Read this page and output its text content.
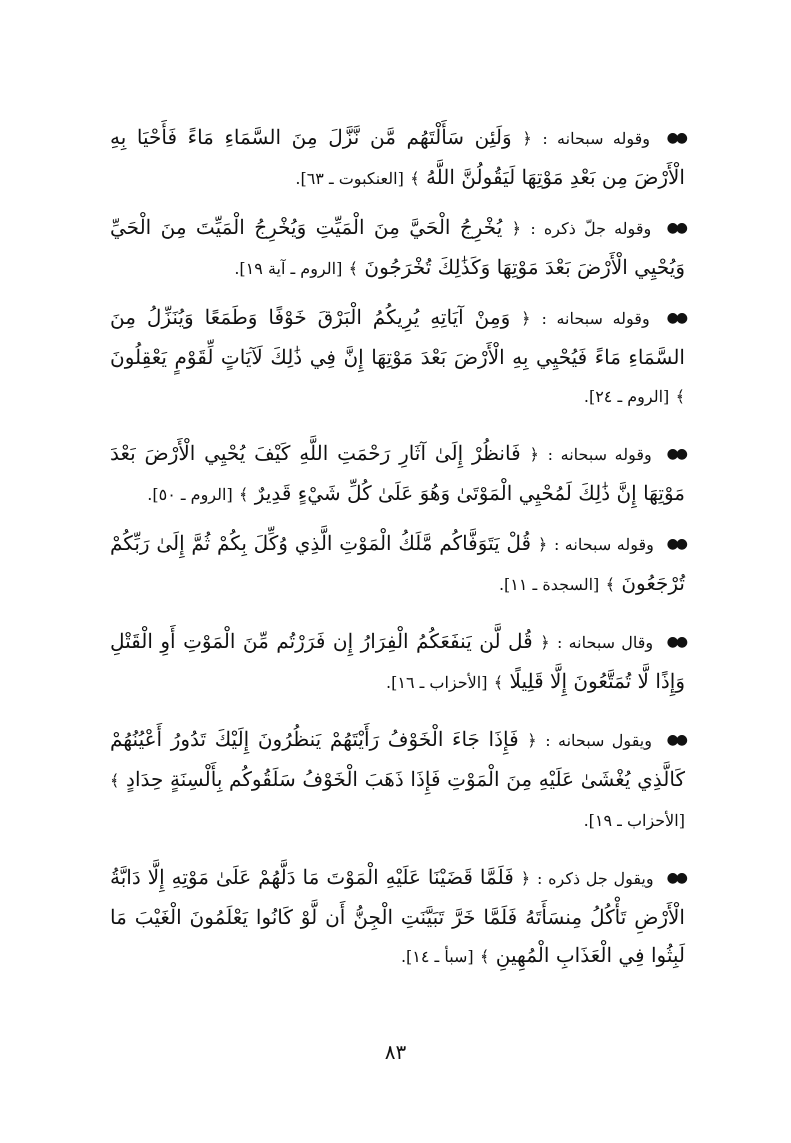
●● وقوله سبحانه : ﴿ وَلَئِن سَأَلْتَهُم مَّن نَّزَّلَ مِنَ السَّمَاءِ مَاءً فَأَحْيَا بِهِ الْأَرْضَ مِن بَعْدِ مَوْتِهَا لَيَقُولُنَّ اللَّهُ ﴾ [العنكبوت ـ ٦٣].

●● وقوله جلّ ذكره : ﴿ يُخْرِجُ الْحَيَّ مِنَ الْمَيِّتِ وَيُخْرِجُ الْمَيِّتَ مِنَ الْحَيِّ وَيُحْيِي الْأَرْضَ بَعْدَ مَوْتِهَا وَكَذَٰلِكَ تُخْرَجُونَ ﴾ [الروم ـ آية ١٩].

●● وقوله سبحانه : ﴿ وَمِنْ آيَاتِهِ يُرِيكُمُ الْبَرْقَ خَوْفًا وَطَمَعًا وَيُنَزِّلُ مِنَ السَّمَاءِ مَاءً فَيُحْيِي بِهِ الْأَرْضَ بَعْدَ مَوْتِهَا إِنَّ فِي ذَٰلِكَ لَآيَاتٍ لِّقَوْمٍ يَعْقِلُونَ ﴾ [الروم ـ ٢٤].

●● وقوله سبحانه : ﴿ فَانظُرْ إِلَىٰ آثَارِ رَحْمَتِ اللَّهِ كَيْفَ يُحْيِي الْأَرْضَ بَعْدَ مَوْتِهَا إِنَّ ذَٰلِكَ لَمُحْيِي الْمَوْتَىٰ وَهُوَ عَلَىٰ كُلِّ شَيْءٍ قَدِيرٌ ﴾ [الروم ـ ٥٠].

●● وقوله سبحانه : ﴿ قُلْ يَتَوَفَّاكُم مَّلَكُ الْمَوْتِ الَّذِي وُكِّلَ بِكُمْ ثُمَّ إِلَىٰ رَبِّكُمْ تُرْجَعُونَ ﴾ [السجدة ـ ١١].

●● وقال سبحانه : ﴿ قُل لَّن يَنفَعَكُمُ الْفِرَارُ إِن فَرَرْتُم مِّنَ الْمَوْتِ أَوِ الْقَتْلِ وَإِذًا لَّا تُمَتَّعُونَ إِلَّا قَلِيلًا ﴾ [الأحزاب ـ ١٦].

●● ويقول سبحانه : ﴿ فَإِذَا جَاءَ الْخَوْفُ رَأَيْتَهُمْ يَنظُرُونَ إِلَيْكَ تَدُورُ أَعْيُنُهُمْ كَالَّذِي يُغْشَىٰ عَلَيْهِ مِنَ الْمَوْتِ فَإِذَا ذَهَبَ الْخَوْفُ سَلَقُوكُم بِأَلْسِنَةٍ حِدَادٍ ﴾ [الأحزاب ـ ١٩].

●● ويقول جل ذكره : ﴿ فَلَمَّا قَضَيْنَا عَلَيْهِ الْمَوْتَ مَا دَلَّهُمْ عَلَىٰ مَوْتِهِ إِلَّا دَابَّةُ الْأَرْضِ تَأْكُلُ مِنسَأَتَهُ فَلَمَّا خَرَّ تَبَيَّنَتِ الْجِنُّ أَن لَّوْ كَانُوا يَعْلَمُونَ الْغَيْبَ مَا لَبِثُوا فِي الْعَذَابِ الْمُهِينِ ﴾ [سبأ ـ ١٤].

٨٣
